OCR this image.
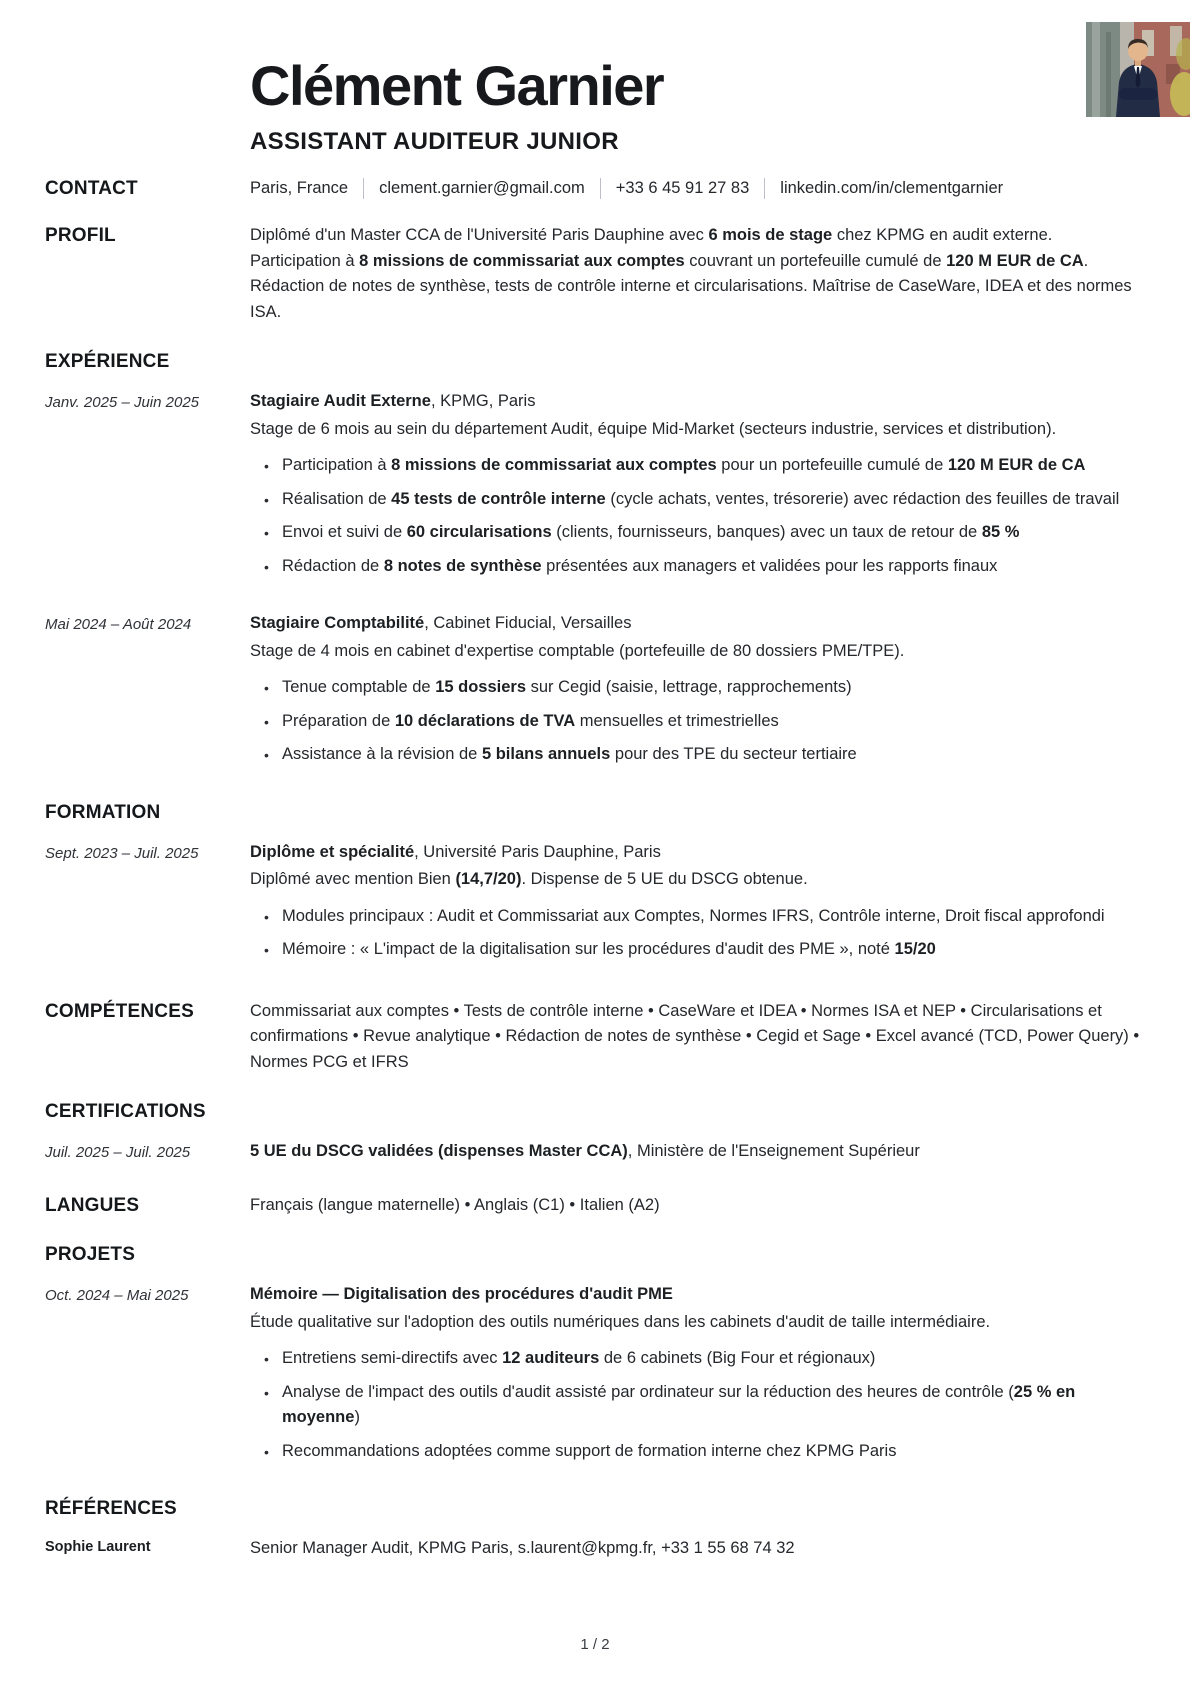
Clément Garnier
ASSISTANT AUDITEUR JUNIOR
CONTACT	Paris, France clement.garnier@gmail.com +33 6 45 91 27 83 linkedin.com/in/clementgarnier
PROFIL	Diplômé d'un Master CCA de l'Université Paris Dauphine avec 6 mois de stage chez KPMG en audit externe. Participation à 8 missions de commissariat aux comptes couvrant un portefeuille cumulé de 120 M EUR de CA. Rédaction de notes de synthèse, tests de contrôle interne et circularisations. Maîtrise de CaseWare, IDEA et des normes ISA.

EXPÉRIENCE
Janv. 2025 – Juin 2025	Stagiaire Audit Externe, KPMG, Paris
Stage de 6 mois au sein du département Audit, équipe Mid-Market (secteurs industrie, services et distribution).
• Participation à 8 missions de commissariat aux comptes pour un portefeuille cumulé de 120 M EUR de CA
• Réalisation de 45 tests de contrôle interne (cycle achats, ventes, trésorerie) avec rédaction des feuilles de travail
• Envoi et suivi de 60 circularisations (clients, fournisseurs, banques) avec un taux de retour de 85 %
• Rédaction de 8 notes de synthèse présentées aux managers et validées pour les rapports finaux
Mai 2024 – Août 2024	Stagiaire Comptabilité, Cabinet Fiducial, Versailles
Stage de 4 mois en cabinet d'expertise comptable (portefeuille de 80 dossiers PME/TPE).
• Tenue comptable de 15 dossiers sur Cegid (saisie, lettrage, rapprochements)
• Préparation de 10 déclarations de TVA mensuelles et trimestrielles
• Assistance à la révision de 5 bilans annuels pour des TPE du secteur tertiaire
FORMATION
Sept. 2023 – Juil. 2025	Diplôme et spécialité, Université Paris Dauphine, Paris
Diplômé avec mention Bien (14,7/20). Dispense de 5 UE du DSCG obtenue.
• Modules principaux : Audit et Commissariat aux Comptes, Normes IFRS, Contrôle interne, Droit fiscal approfondi
• Mémoire : « L'impact de la digitalisation sur les procédures d'audit des PME », noté 15/20
COMPÉTENCES	Commissariat aux comptes • Tests de contrôle interne • CaseWare et IDEA • Normes ISA et NEP • Circularisations et confirmations • Revue analytique • Rédaction de notes de synthèse • Cegid et Sage • Excel avancé (TCD, Power Query) • Normes PCG et IFRS

CERTIFICATIONS
Juil. 2025 – Juil. 2025	5 UE du DSCG validées (dispenses Master CCA), Ministère de l'Enseignement Supérieur
LANGUES	Français (langue maternelle) • Anglais (C1) • Italien (A2)

PROJETS
Oct. 2024 – Mai 2025	Mémoire — Digitalisation des procédures d'audit PME
Étude qualitative sur l'adoption des outils numériques dans les cabinets d'audit de taille intermédiaire.
• Entretiens semi-directifs avec 12 auditeurs de 6 cabinets (Big Four et régionaux)
• Analyse de l'impact des outils d'audit assisté par ordinateur sur la réduction des heures de contrôle (25 % en moyenne)
• Recommandations adoptées comme support de formation interne chez KPMG Paris
RÉFÉRENCES
Sophie Laurent	Senior Manager Audit, KPMG Paris, s.laurent@kpmg.fr, +33 1 55 68 74 32
1 / 2
